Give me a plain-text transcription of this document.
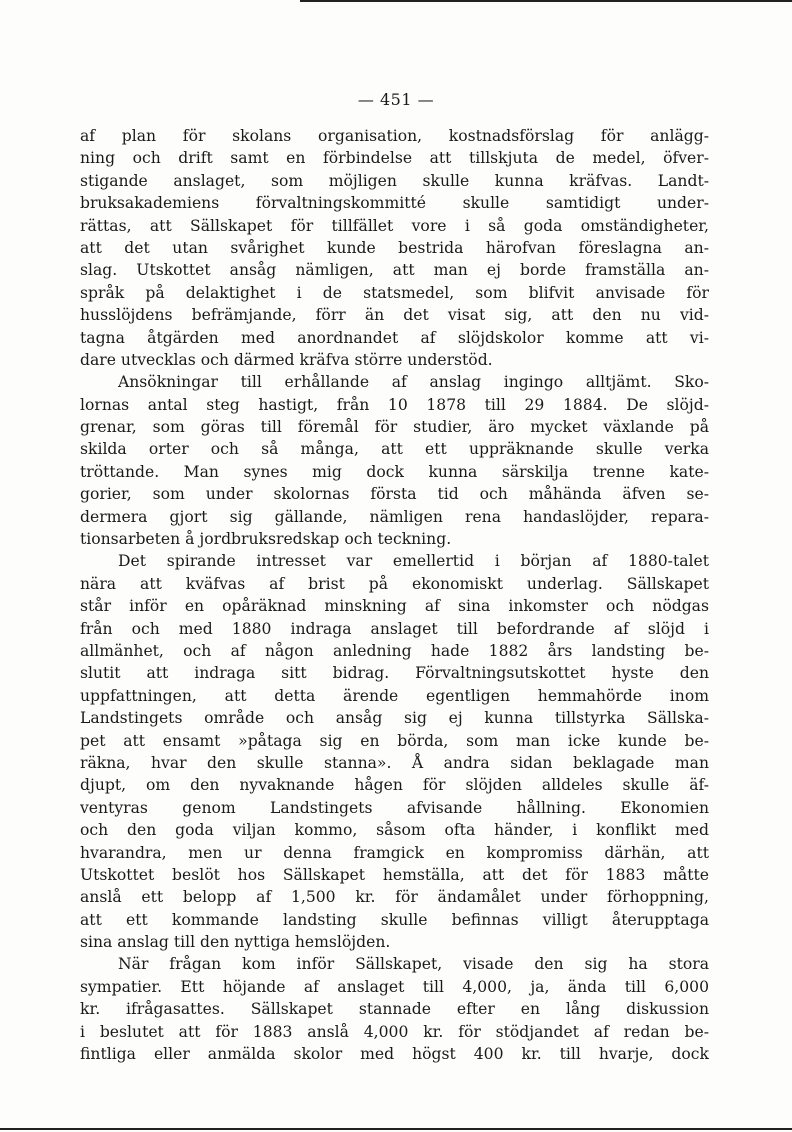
— 451 —
af plan för skolans organisation, kostnadsförslag för anlägg-
ning och drift samt en förbindelse att tillskjuta de medel, öfver-
stigande anslaget, som möjligen skulle kunna kräfvas. Landt-
bruksakademiens förvaltningskommitté skulle samtidigt under-
rättas, att Sällskapet för tillfället vore i så goda omständigheter,
att det utan svårighet kunde bestrida härofvan föreslagna an-
slag. Utskottet ansåg nämligen, att man ej borde framställa an-
språk på delaktighet i de statsmedel, som blifvit anvisade för
husslöjdens befrämjande, förr än det visat sig, att den nu vid-
tagna åtgärden med anordnandet af slöjdskolor komme att vi-
dare utvecklas och därmed kräfva större understöd.
Ansökningar till erhållande af anslag ingingo alltjämt. Sko-
lornas antal steg hastigt, från 10 1878 till 29 1884. De slöjd-
grenar, som göras till föremål för studier, äro mycket växlande på
skilda orter och så många, att ett uppräknande skulle verka
tröttande. Man synes mig dock kunna särskilja trenne kate-
gorier, som under skolornas första tid och måhända äfven se-
dermera gjort sig gällande, nämligen rena handaslöjder, repara-
tionsarbeten å jordbruksredskap och teckning.
Det spirande intresset var emellertid i början af 1880-talet
nära att kväfvas af brist på ekonomiskt underlag. Sällskapet
står inför en opåräknad minskning af sina inkomster och nödgas
från och med 1880 indraga anslaget till befordrande af slöjd i
allmänhet, och af någon anledning hade 1882 års landsting be-
slutit att indraga sitt bidrag. Förvaltningsutskottet hyste den
uppfattningen, att detta ärende egentligen hemmahörde inom
Landstingets område och ansåg sig ej kunna tillstyrka Sällska-
pet att ensamt »påtaga sig en börda, som man icke kunde be-
räkna, hvar den skulle stanna». Å andra sidan beklagade man
djupt, om den nyvaknande hågen för slöjden alldeles skulle äf-
ventyras genom Landstingets afvisande hållning. Ekonomien
och den goda viljan kommo, såsom ofta händer, i konflikt med
hvarandra, men ur denna framgick en kompromiss därhän, att
Utskottet beslöt hos Sällskapet hemställa, att det för 1883 måtte
anslå ett belopp af 1,500 kr. för ändamålet under förhoppning,
att ett kommande landsting skulle befinnas villigt återupptaga
sina anslag till den nyttiga hemslöjden.
När frågan kom inför Sällskapet, visade den sig ha stora
sympatier. Ett höjande af anslaget till 4,000, ja, ända till 6,000
kr. ifrågasattes. Sällskapet stannade efter en lång diskussion
i beslutet att för 1883 anslå 4,000 kr. för stödjandet af redan be-
fintliga eller anmälda skolor med högst 400 kr. till hvarje, dock
